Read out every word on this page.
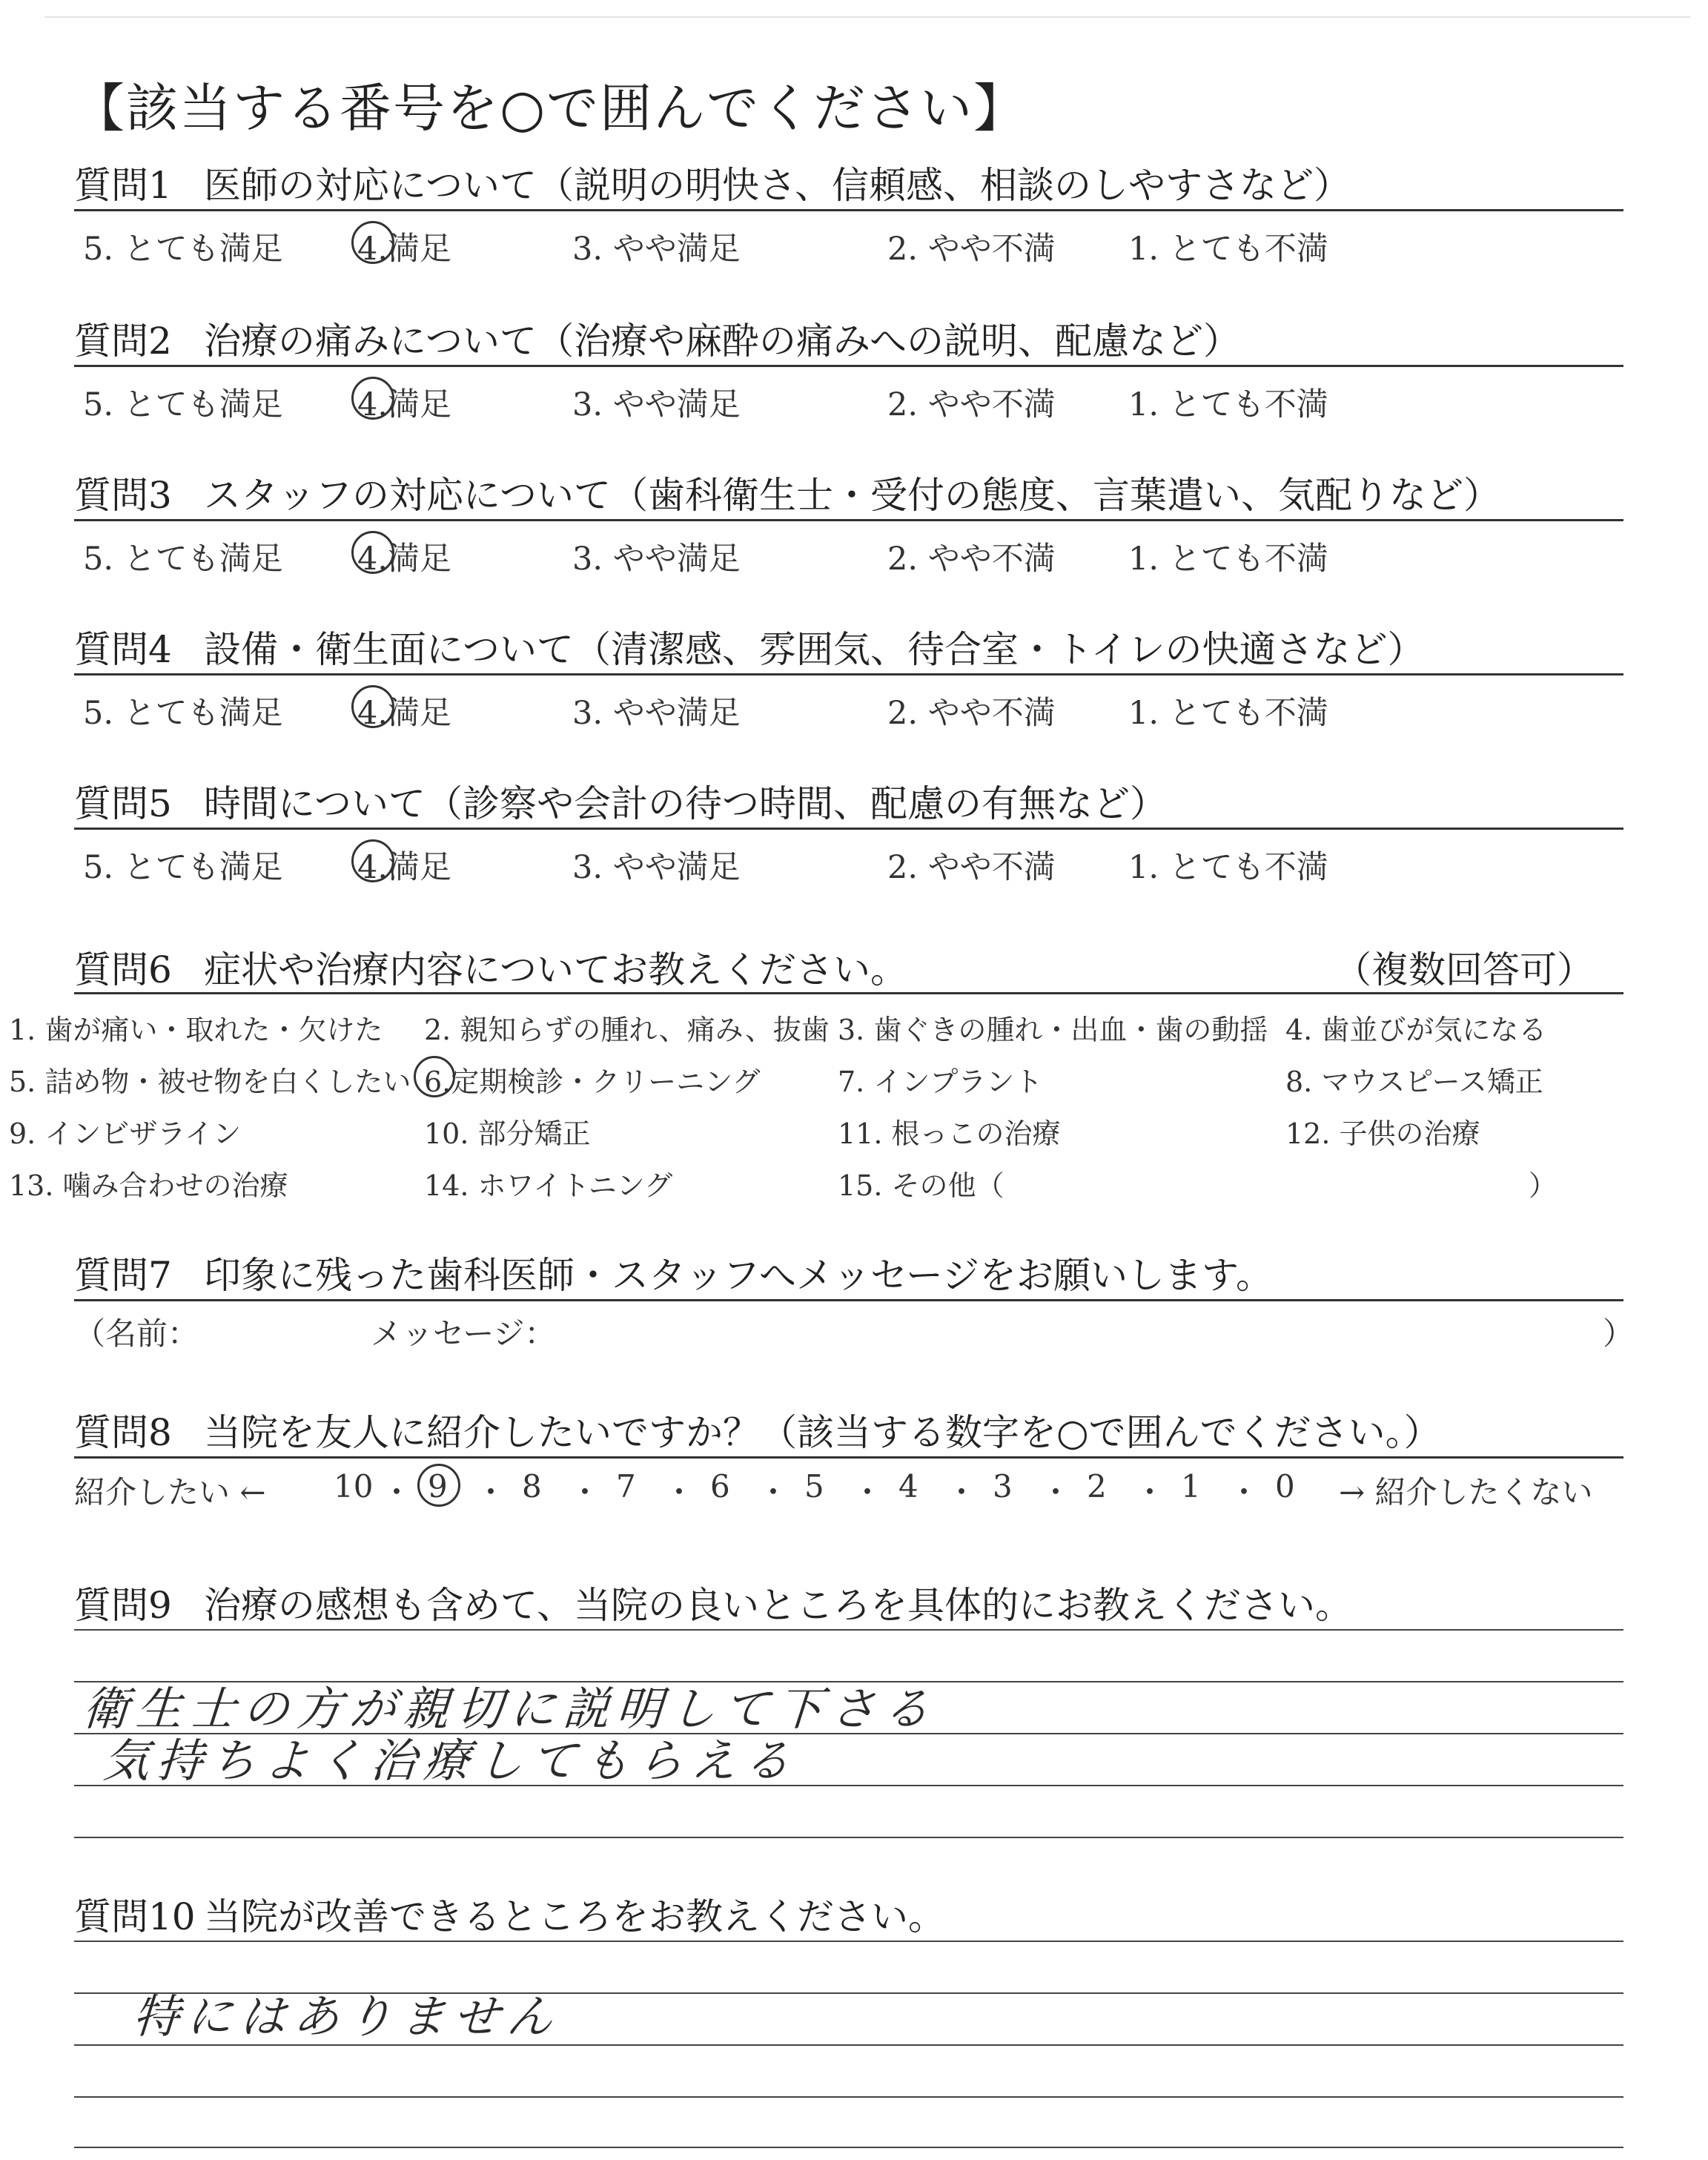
【該当する番号を○で囲んでください】
質問1 医師の対応について（説明の明快さ、信頼感、相談のしやすさなど）
5. とても満足 4.満足	3. やや満足	2. やや不満 1. とても不満
質問2 治療の痛みについて（治療や麻酔の痛みへの説明、配慮など）
5. とても満足 4.満足	3. やや満足	2. やや不満 1. とても不満
質問3 スタッフの対応について（歯科衛生士・受付の態度、言葉遣い、気配りなど）
5. とても満足 4.満足	3. やや満足	2. やや不満 1. とても不満
質問4 設備・衛生面について（清潔感、雰囲気、待合室・トイレの快適さなど）
5. とても満足 4.満足	3. やや満足	2. やや不満 1. とても不満
質問5 時間について（診察や会計の待つ時間、配慮の有無など）
5. とても満足 4.満足	3. やや満足	2. やや不満 1. とても不満
質問6 症状や治療内容についてお教えください。	（複数回答可）
）
1. 歯が痛い・取れた・欠けた 2. 親知らずの腫れ、痛み、抜歯 3. 歯ぐきの腫れ・出血・歯の動揺 4. 歯並びが気になる
5. 詰め物・被せ物を白くしたい 6.定期検診・クリーニング	7. インプラント	8. マウスピース矯正
9. インビザライン	10. 部分矯正	11. 根っこの治療	12. 子供の治療
13. 噛み合わせの治療	14. ホワイトニング	15. その他（
質問7 印象に残った歯科医師・スタッフへメッセージをお願いします。
（名前：	メッセージ：	）
質問8 当院を友人に紹介したいですか？（該当する数字を○で囲んでください。）
紹介したい ←	→ 紹介したくない
10 ・ 9 ・ 8 ・ 7 ・ 6 ・ 5 ・ 4 ・ 3 ・ 2 ・ 1 ・ 0
質問9 治療の感想も含めて、当院の良いところを具体的にお教えください。
衛生士の方が親切に説明して下さる
気持ちよく治療してもらえる
質問10 当院が改善できるところをお教えください。
特にはありません
